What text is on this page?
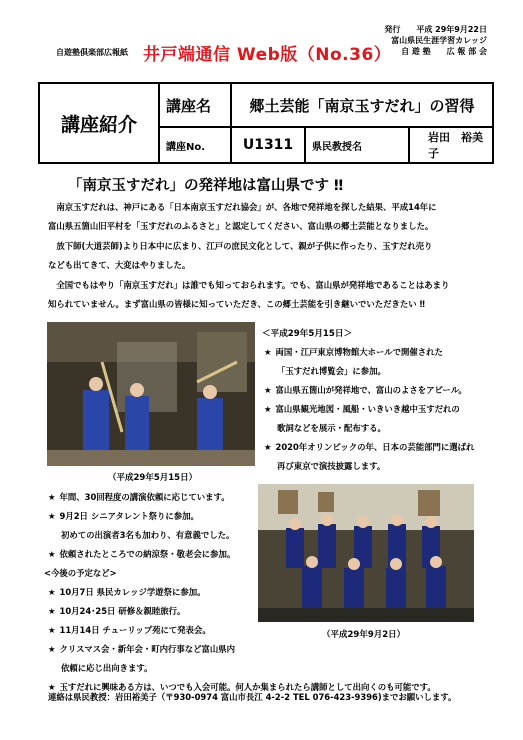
自遊塾倶楽部広報紙 井戸端通信 Web版（No.36）
発行　　平成 29年9月22日
富山県民生涯学習カレッジ
自 遊 塾　　広 報 部 会
講座紹介	講座名	郷土芸能「南京玉すだれ」の習得		
	講座No.	U1311	県民教授名	岩田　裕美子
「南京玉すだれ」の発祥地は富山県です ‼

　南京玉すだれは、神戸にある「日本南京玉すだれ協会」が、各地で発祥地を探した結果、平成14年に

富山県五箇山旧平村を「玉すだれのふるさと」と認定してください、富山県の郷土芸能となりました。

　放下師(大道芸師)より日本中に広まり、江戸の庶民文化として、親が子供に作ったり、玉すだれ売り

なども出てきて、大変はやりました。

　全国でもはやり「南京玉すだれ」は誰でも知っておられます。でも、富山県が発祥地であることはあまり

知られていません。まず富山県の皆様に知っていただき、この郷土芸能を引き継いでいただきたい ‼

（平成29年5月15日）
＜平成29年5月15日＞
★ 両国・江戸東京博物館大ホールで開催された
「玉すだれ博覧会」に参加。
★ 富山県五箇山が発祥地で、富山のよさをアピール。
★ 富山県観光地図・風船・いきいき越中玉すだれの
歌詞などを展示・配布する。
★ 2020年オリンピックの年、日本の芸能部門に選ばれ
再び東京で演技披露します。
（平成29年9月2日）
★ 年間、30回程度の講演依頼に応じています。
★ 9月2日 シニアタレント祭りに参加。
初めての出演者3名も加わり、有意義でした。
★ 依頼されたところでの納涼祭・敬老会に参加。
<今後の予定など>
★ 10月7日 県民カレッジ学遊祭に参加。
★ 10月24･25日 研修＆親睦旅行。
★ 11月14日 チューリップ苑にて発表会。
★ クリスマス会・新年会・町内行事など富山県内
依頼に応じ出向きます。
★ 玉すだれに興味ある方は、いつでも入会可能。何人か集まられたら講師として出向くのも可能です。
連絡は県民教授：岩田裕美子（〒930-0974 富山市長江 4-2-2 TEL 076-423-9396)までお願いします。
